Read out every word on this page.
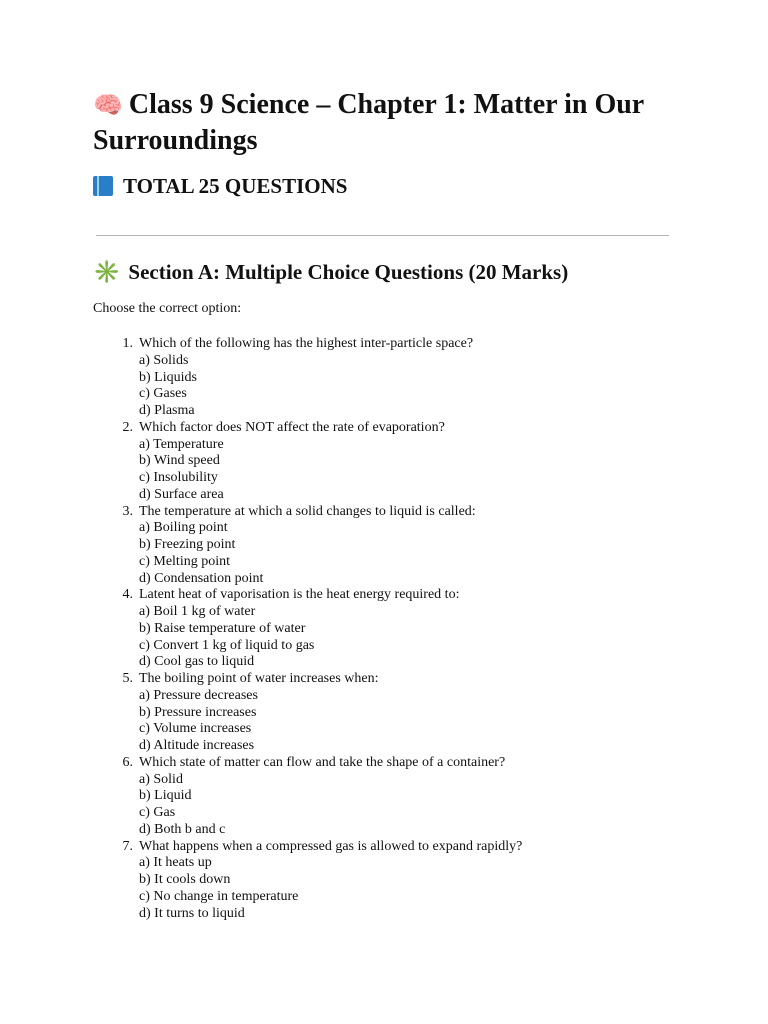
🧠 Class 9 Science – Chapter 1: Matter in Our Surroundings
TOTAL 25 QUESTIONS
✳️ Section A: Multiple Choice Questions (20 Marks)

Choose the correct option:

1. Which of the following has the highest inter-particle space?
a) Solids
b) Liquids
c) Gases
d) Plasma
2. Which factor does NOT affect the rate of evaporation?
a) Temperature
b) Wind speed
c) Insolubility
d) Surface area
3. The temperature at which a solid changes to liquid is called:
a) Boiling point
b) Freezing point
c) Melting point
d) Condensation point
4. Latent heat of vaporisation is the heat energy required to:
a) Boil 1 kg of water
b) Raise temperature of water
c) Convert 1 kg of liquid to gas
d) Cool gas to liquid
5. The boiling point of water increases when:
a) Pressure decreases
b) Pressure increases
c) Volume increases
d) Altitude increases
6. Which state of matter can flow and take the shape of a container?
a) Solid
b) Liquid
c) Gas
d) Both b and c
7. What happens when a compressed gas is allowed to expand rapidly?
a) It heats up
b) It cools down
c) No change in temperature
d) It turns to liquid
